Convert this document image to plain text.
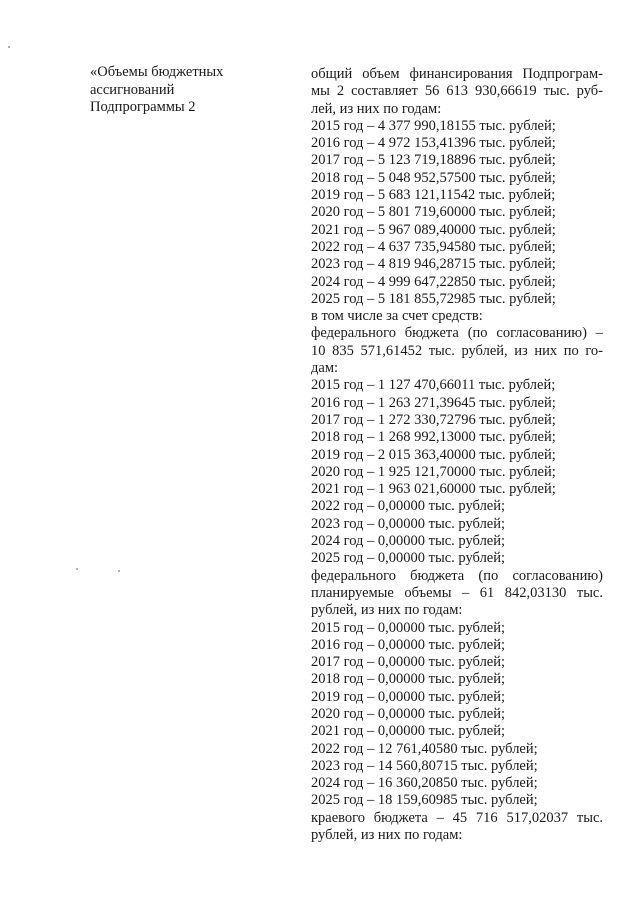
«Объемы бюджетных
ассигнований
Подпрограммы 2
общий объем финансирования Подпрограм-
мы 2 составляет 56 613 930,66619 тыс. руб-
лей, из них по годам:
2015 год – 4 377 990,18155 тыс. рублей;
2016 год – 4 972 153,41396 тыс. рублей;
2017 год – 5 123 719,18896 тыс. рублей;
2018 год – 5 048 952,57500 тыс. рублей;
2019 год – 5 683 121,11542 тыс. рублей;
2020 год – 5 801 719,60000 тыс. рублей;
2021 год – 5 967 089,40000 тыс. рублей;
2022 год – 4 637 735,94580 тыс. рублей;
2023 год – 4 819 946,28715 тыс. рублей;
2024 год – 4 999 647,22850 тыс. рублей;
2025 год – 5 181 855,72985 тыс. рублей;
в том числе за счет средств:
федерального бюджета (по согласованию) –
10 835 571,61452 тыс. рублей, из них по го-
дам:
2015 год – 1 127 470,66011 тыс. рублей;
2016 год – 1 263 271,39645 тыс. рублей;
2017 год – 1 272 330,72796 тыс. рублей;
2018 год – 1 268 992,13000 тыс. рублей;
2019 год – 2 015 363,40000 тыс. рублей;
2020 год – 1 925 121,70000 тыс. рублей;
2021 год – 1 963 021,60000 тыс. рублей;
2022 год – 0,00000 тыс. рублей;
2023 год – 0,00000 тыс. рублей;
2024 год – 0,00000 тыс. рублей;
2025 год – 0,00000 тыс. рублей;
федерального бюджета (по согласованию)
планируемые объемы – 61 842,03130 тыс.
рублей, из них по годам:
2015 год – 0,00000 тыс. рублей;
2016 год – 0,00000 тыс. рублей;
2017 год – 0,00000 тыс. рублей;
2018 год – 0,00000 тыс. рублей;
2019 год – 0,00000 тыс. рублей;
2020 год – 0,00000 тыс. рублей;
2021 год – 0,00000 тыс. рублей;
2022 год – 12 761,40580 тыс. рублей;
2023 год – 14 560,80715 тыс. рублей;
2024 год – 16 360,20850 тыс. рублей;
2025 год – 18 159,60985 тыс. рублей;
краевого бюджета – 45 716 517,02037 тыс.
рублей, из них по годам:
